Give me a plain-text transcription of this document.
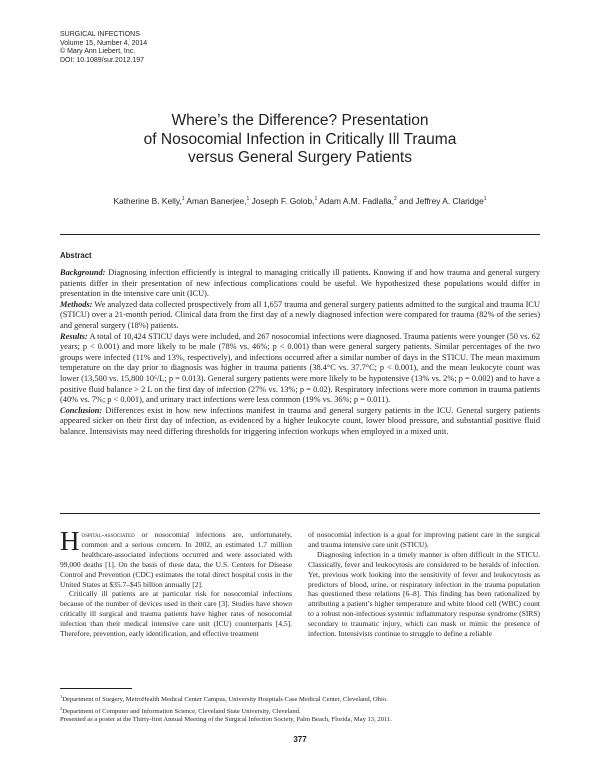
SURGICAL INFECTIONS
Volume 15, Number 4, 2014
© Mary Ann Liebert, Inc.
DOI: 10.1089/sur.2012.197
Where’s the Difference? Presentation
of Nosocomial Infection in Critically Ill Trauma
versus General Surgery Patients
Katherine B. Kelly,$^1$ Aman Banerjee,$^1$ Joseph F. Golob,$^1$ Adam A.M. Fadlalla,$^2$ and Jeffrey A. Claridge$^1$
Abstract

Background: Diagnosing infection efficiently is integral to managing critically ill patients. Knowing if and how trauma and general surgery patients differ in their presentation of new infectious complications could be useful. We hypothesized these populations would differ in presentation in the intensive care unit (ICU).

Methods: We analyzed data collected prospectively from all 1,657 trauma and general surgery patients admitted to the surgical and trauma ICU (STICU) over a 21-month period. Clinical data from the first day of a newly diagnosed infection were compared for trauma (82% of the series) and general surgery (18%) patients.

Results: A total of 10,424 STICU days were included, and 267 nosocomial infections were diagnosed. Trauma patients were younger (50 vs. 62 years; p < 0.001) and more likely to be male (78% vs. 46%; p < 0.001) than were general surgery patients. Similar percentages of the two groups were infected (11% and 13%, respectively), and infections occurred after a similar number of days in the STICU. The mean maximum temperature on the day prior to diagnosis was higher in trauma patients (38.4°C vs. 37.7°C; p < 0.001), and the mean leukocyte count was lower (13,500 vs. 15,800 10⁶/L; p = 0.013). General surgery patients were more likely to be hypotensive (13% vs. 2%; p = 0.002) and to have a positive fluid balance > 2 L on the first day of infection (27% vs. 13%; p = 0.02). Respiratory infections were more common in trauma patients (40% vs. 7%; p < 0.001), and urinary tract infections were less common (19% vs. 36%; p = 0.011).

Conclusion: Differences exist in how new infections manifest in trauma and general surgery patients in the ICU. General surgery patients appeared sicker on their first day of infection, as evidenced by a higher leukocyte count, lower blood pressure, and substantial positive fluid balance. Intensivists may need differing thresholds for triggering infection workups when employed in a mixed unit.

Hospital-associated or nosocomial infections are, unfortunately, common and a serious concern. In 2002, an estimated 1.7 million healthcare-associated infections occurred and were associated with 99,000 deaths [1]. On the basis of these data, the U.S. Centers for Disease Control and Prevention (CDC) estimates the total direct hospital costs in the United States at $35.7–$45 billion annually [2].

Critically ill patients are at particular risk for nosocomial infections because of the number of devices used in their care [3]. Studies have shown critically ill surgical and trauma patients have higher rates of nosocomial infection than their medical intensive care unit (ICU) counterparts [4,5]. Therefore, prevention, early identification, and effective treatment

of nosocomial infection is a goal for improving patient care in the surgical and trauma intensive care unit (STICU).

Diagnosing infection in a timely manner is often difficult in the STICU. Classically, fever and leukocytosis are considered to be heralds of infection. Yet, previous work looking into the sensitivity of fever and leukocytosis as predictors of blood, urine, or respiratory infection in the trauma population has questioned these relations [6–8]. This finding has been rationalized by attributing a patient’s higher temperature and white blood cell (WBC) count to a robust non-infectious systemic inflammatory response syndrome (SIRS) secondary to traumatic injury, which can mask or mimic the presence of infection. Intensivists continue to struggle to define a reliable

$^1$Department of Surgery, MetroHealth Medical Center Campus, University Hospitals Case Medical Center, Cleveland, Ohio.
$^2$Department of Computer and Information Science, Cleveland State University, Cleveland.
Presented as a poster at the Thirty-first Annual Meeting of the Surgical Infection Society, Palm Beach, Florida, May 13, 2011.
377
